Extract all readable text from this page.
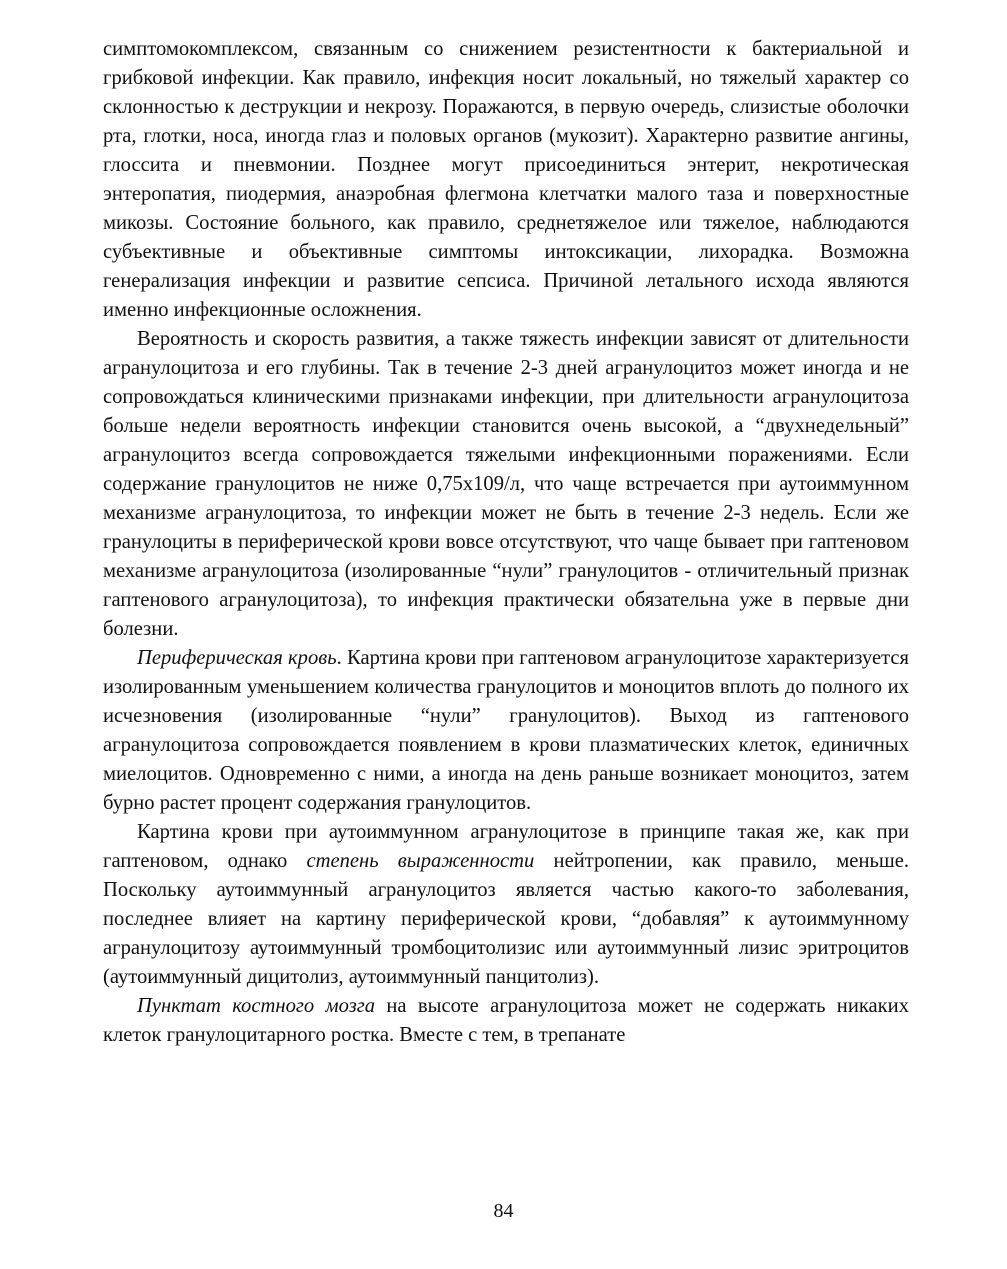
симптомокомплексом, связанным со снижением резистентности к бактериальной и грибковой инфекции. Как правило, инфекция носит локальный, но тяжелый характер со склонностью к деструкции и некрозу. Поражаются, в первую очередь, слизистые оболочки рта, глотки, носа, иногда глаз и половых органов (мукозит). Характерно развитие ангины, глоссита и пневмонии. Позднее могут присоединиться энтерит, некротическая энтеропатия, пиодермия, анаэробная флегмона клетчатки малого таза и поверхностные микозы. Состояние больного, как правило, среднетяжелое или тяжелое, наблюдаются субъективные и объективные симптомы интоксикации, лихорадка. Возможна генерализация инфекции и развитие сепсиса. Причиной летального исхода являются именно инфекционные осложнения.

Вероятность и скорость развития, а также тяжесть инфекции зависят от длительности агранулоцитоза и его глубины. Так в течение 2-3 дней агранулоцитоз может иногда и не сопровождаться клиническими признаками инфекции, при длительности агранулоцитоза больше недели вероятность инфекции становится очень высокой, а “двухнедельный” агранулоцитоз всегда сопровождается тяжелыми инфекционными поражениями. Если содержание гранулоцитов не ниже 0,75х109/л, что чаще встречается при аутоиммунном механизме агранулоцитоза, то инфекции может не быть в течение 2-3 недель. Если же гранулоциты в периферической крови вовсе отсутствуют, что чаще бывает при гаптеновом механизме агранулоцитоза (изолированные “нули” гранулоцитов - отличительный признак гаптенового агранулоцитоза), то инфекция практически обязательна уже в первые дни болезни.

Периферическая кровь. Картина крови при гаптеновом агранулоцитозе характеризуется изолированным уменьшением количества гранулоцитов и моноцитов вплоть до полного их исчезновения (изолированные “нули” гранулоцитов). Выход из гаптенового агранулоцитоза сопровождается появлением в крови плазматических клеток, единичных миелоцитов. Одновременно с ними, а иногда на день раньше возникает моноцитоз, затем бурно растет процент содержания гранулоцитов.

Картина крови при аутоиммунном агранулоцитозе в принципе такая же, как при гаптеновом, однако степень выраженности нейтропении, как правило, меньше. Поскольку аутоиммунный агранулоцитоз является частью какого-то заболевания, последнее влияет на картину периферической крови, “добавляя” к аутоиммунному агранулоцитозу аутоиммунный тромбоцитолизис или аутоиммунный лизис эритроцитов (аутоиммунный дицитолиз, аутоиммунный панцитолиз).

Пунктат костного мозга на высоте агранулоцитоза может не содержать никаких клеток гранулоцитарного ростка. Вместе с тем, в трепанате

84
